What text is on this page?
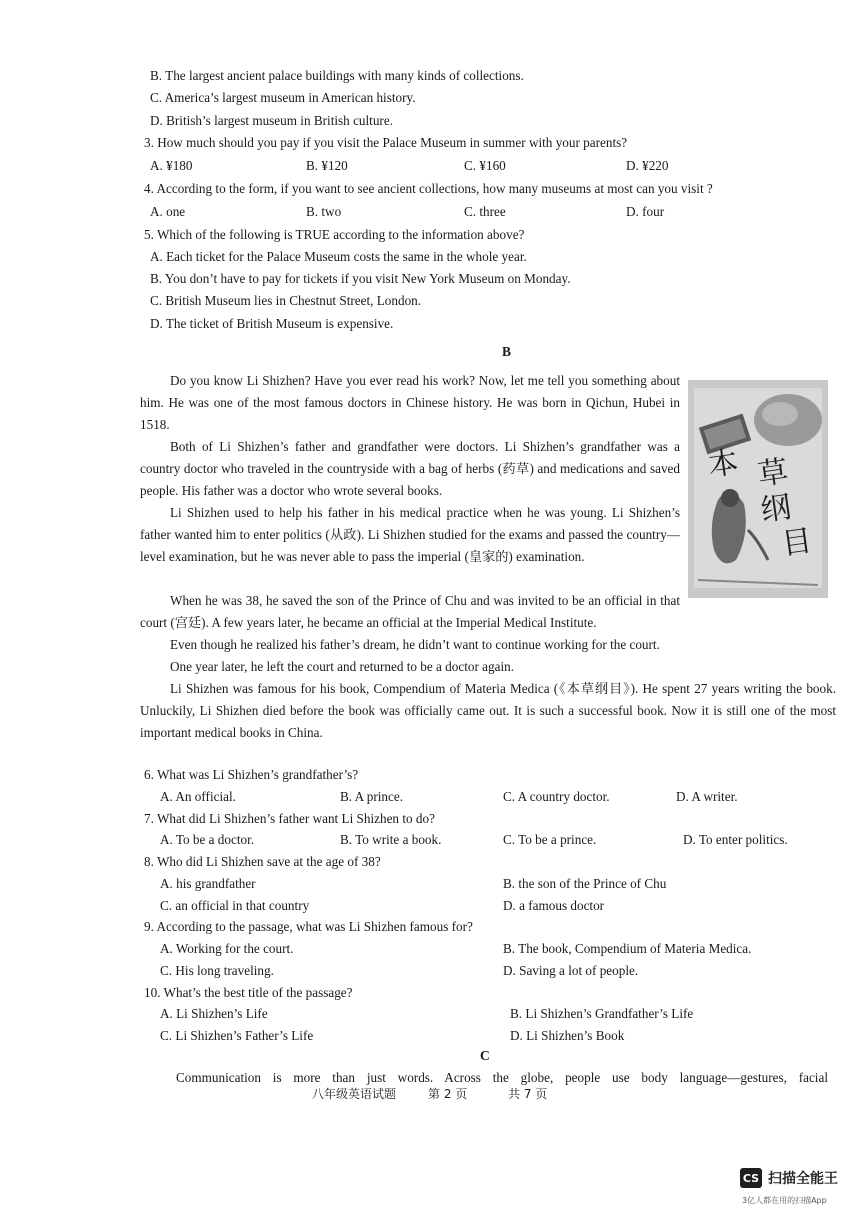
B. The largest ancient palace buildings with many kinds of collections.
C. America’s largest museum in American history.
D. British’s largest museum in British culture.
3. How much should you pay if you visit the Palace Museum in summer with your parents?
A. ¥180	B. ¥120	C. ¥160	D. ¥220
4. According to the form, if you want to see ancient collections, how many museums at most can you visit ?
A. one	B. two	C. three	D. four
5. Which of the following is TRUE according to the information above?
A. Each ticket for the Palace Museum costs the same in the whole year.
B. You don’t have to pay for tickets if you visit New York Museum on Monday.
C. British Museum lies in Chestnut Street, London.
D. The ticket of British Museum is expensive.
B

Do you know Li Shizhen? Have you ever read his work? Now, let me tell you something about him. He was one of the most famous doctors in Chinese history. He was born in Qichun, Hubei in 1518.

Both of Li Shizhen’s father and grandfather were doctors. Li Shizhen’s grandfather was a country doctor who traveled in the countryside with a bag of herbs (药草) and medications and saved people. His father was a doctor who wrote several books.

Li Shizhen used to help his father in his medical practice when he was young. Li Shizhen’s father wanted him to enter politics (从政). Li Shizhen studied for the exams and passed the country—level examination, but he was never able to pass the imperial (皇家的) examination.

本 草
纲
目

When he was 38, he saved the son of the Prince of Chu and was invited to be an official in that court (宫廷). A few years later, he became an official at the Imperial Medical Institute.

Even though he realized his father’s dream, he didn’t want to continue working for the court.

One year later, he left the court and returned to be a doctor again.

Li Shizhen was famous for his book, Compendium of Materia Medica (《本草纲目》). He spent 27 years writing the book. Unluckily, Li Shizhen died before the book was officially came out. It is such a successful book. Now it is still one of the most important medical books in China.

6. What was Li Shizhen’s grandfather’s?
A. An official.	B. A prince.	C. A country doctor.	D. A writer.
7. What did Li Shizhen’s father want Li Shizhen to do?
A. To be a doctor.	B. To write a book.	C. To be a prince.	D. To enter politics.
8. Who did Li Shizhen save at the age of 38?
A. his grandfather	B. the son of the Prince of Chu
C. an official in that country	D. a famous doctor
9. According to the passage, what was Li Shizhen famous for?
A. Working for the court.	B. The book, Compendium of Materia Medica.
C. His long traveling.	D. Saving a lot of people.
10. What’s the best title of the passage?
A. Li Shizhen’s Life	B. Li Shizhen’s Grandfather’s Life
C. Li Shizhen’s Father’s Life	D. Li Shizhen’s Book
C
Communication is more than just words. Across the globe, people use body language—gestures, facial
八年级英语试题	第 2 页	共 7 页
CS 扫描全能王
3亿人都在用的扫描App
